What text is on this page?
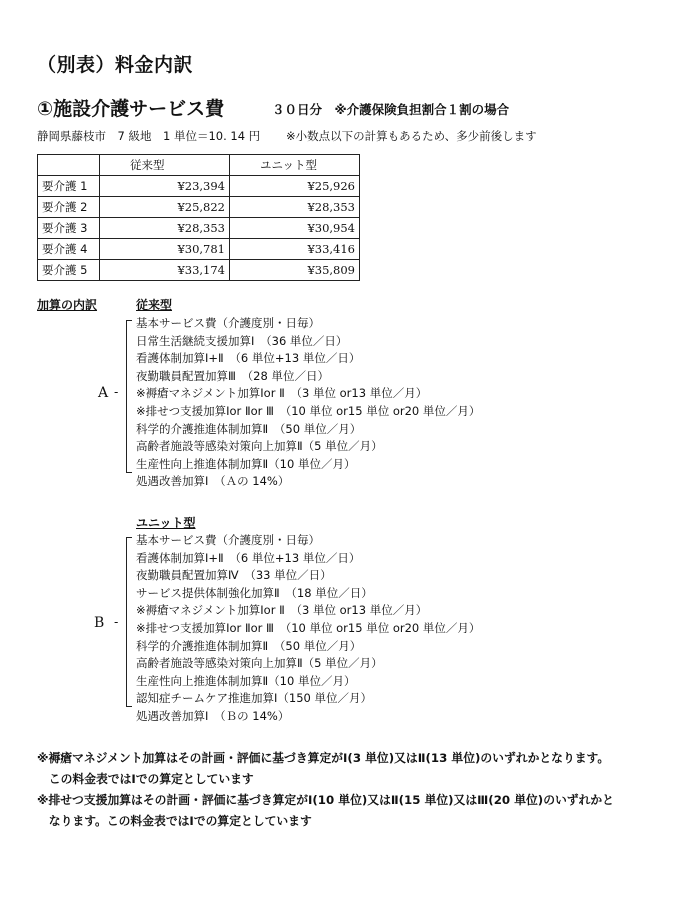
（別表）料金内訳
①施設介護サービス費	３０日分　※介護保険負担割合１割の場合
静岡県藤枝市　7 級地　1 単位＝10. 14 円 ※小数点以下の計算もあるため、多少前後します
	従来型	ユニット型
要介護 1	¥23,394	¥25,926
要介護 2	¥25,822	¥28,353
要介護 3	¥28,353	¥30,954
要介護 4	¥30,781	¥33,416
要介護 5	¥33,174	¥35,809
加算の内訳	従来型
A -
基本サービス費（介護度別・日毎）
日常生活継続支援加算Ⅰ　（36 単位／日）
看護体制加算Ⅰ+Ⅱ　（6 単位+13 単位／日）
夜勤職員配置加算Ⅲ　（28 単位／日）
※褥瘡マネジメント加算Ⅰor Ⅱ　（3 単位 or13 単位／月）
※排せつ支援加算Ⅰor Ⅱor Ⅲ　（10 単位 or15 単位 or20 単位／月）
科学的介護推進体制加算Ⅱ　（50 単位／月）
高齢者施設等感染対策向上加算Ⅱ（5 単位／月）
生産性向上推進体制加算Ⅱ（10 単位／月）
処遇改善加算Ⅰ　（Ａの 14%）
ユニット型
B -
基本サービス費（介護度別・日毎）
看護体制加算Ⅰ+Ⅱ　（6 単位+13 単位／日）
夜勤職員配置加算Ⅳ　（33 単位／日）
サービス提供体制強化加算Ⅱ　（18 単位／日）
※褥瘡マネジメント加算Ⅰor Ⅱ　（3 単位 or13 単位／月）
※排せつ支援加算Ⅰor Ⅱor Ⅲ　（10 単位 or15 単位 or20 単位／月）
科学的介護推進体制加算Ⅱ　（50 単位／月）
高齢者施設等感染対策向上加算Ⅱ（5 単位／月）
生産性向上推進体制加算Ⅱ（10 単位／月）
認知症チームケア推進加算Ⅰ（150 単位／月）
処遇改善加算Ⅰ　（Ｂの 14%）
※褥瘡マネジメント加算はその計画・評価に基づき算定がⅠ(3 単位)又はⅡ(13 単位)のいずれかとなります。
　この料金表ではⅠでの算定としています
※排せつ支援加算はその計画・評価に基づき算定がⅠ(10 単位)又はⅡ(15 単位)又はⅢ(20 単位)のいずれかと
　なります。この料金表ではⅠでの算定としています
